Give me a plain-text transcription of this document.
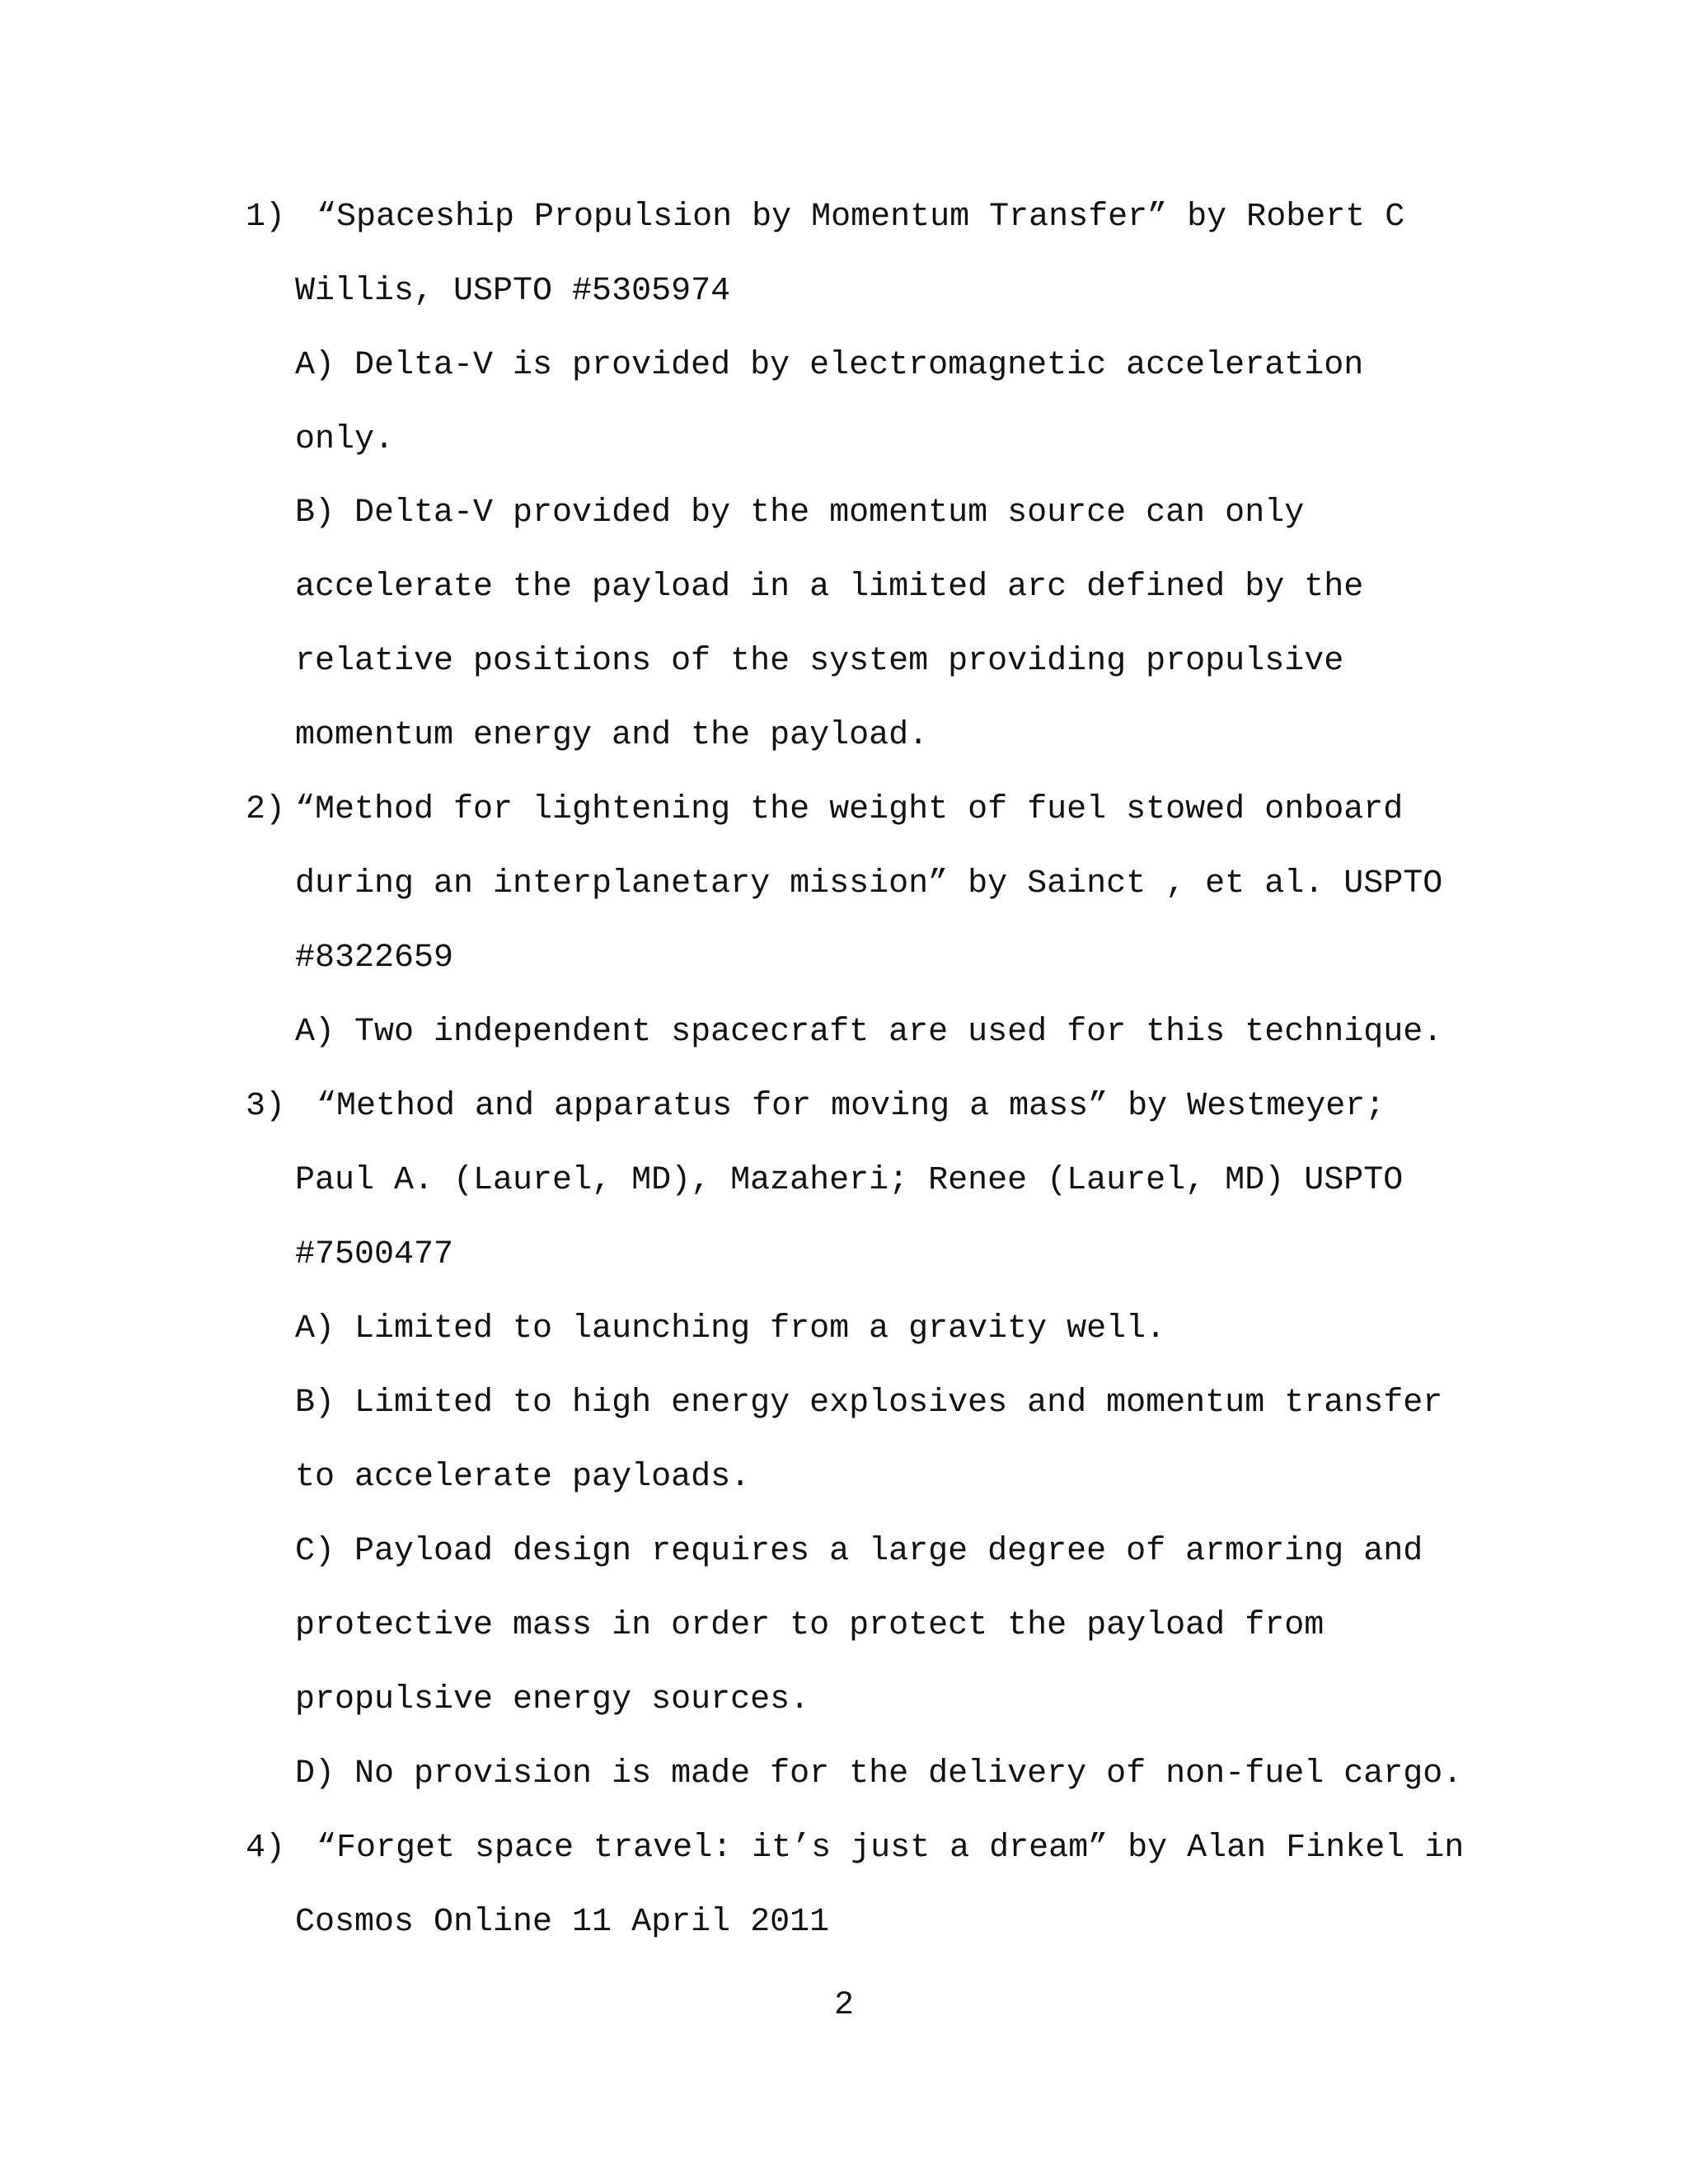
1) “Spaceship Propulsion by Momentum Transfer” by Robert C
Willis, USPTO #5305974
A) Delta-V is provided by electromagnetic acceleration
only.
B) Delta-V provided by the momentum source can only
accelerate the payload in a limited arc defined by the
relative positions of the system providing propulsive
momentum energy and the payload.
2) “Method for lightening the weight of fuel stowed onboard
during an interplanetary mission” by Sainct , et al. USPTO
#8322659
A) Two independent spacecraft are used for this technique.
3) “Method and apparatus for moving a mass” by Westmeyer;
Paul A. (Laurel, MD), Mazaheri; Renee (Laurel, MD) USPTO
#7500477
A) Limited to launching from a gravity well.
B) Limited to high energy explosives and momentum transfer
to accelerate payloads.
C) Payload design requires a large degree of armoring and
protective mass in order to protect the payload from
propulsive energy sources.
D) No provision is made for the delivery of non-fuel cargo.
4) “Forget space travel: it’s just a dream” by Alan Finkel in
Cosmos Online 11 April 2011
2
